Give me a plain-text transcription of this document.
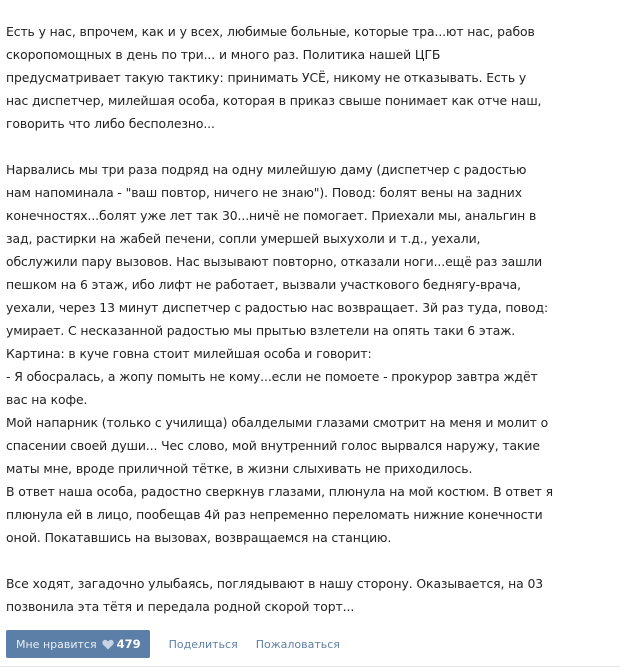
Есть у нас, впрочем, как и у всех, любимые больные, которые тра...ют нас, рабов
скоропомощных в день по три... и много раз. Политика нашей ЦГБ
предусматривает такую тактику: принимать УСЁ, никому не отказывать. Есть у
нас диспетчер, милейшая особа, которая в приказ свыше понимает как отче наш,
говорить что либо бесполезно...
Нарвались мы три раза подряд на одну милейшую даму (диспетчер с радостью
нам напоминала - "ваш повтор, ничего не знаю"). Повод: болят вены на задних
конечностях...болят уже лет так 30...ничё не помогает. Приехали мы, анальгин в
зад, растирки на жабей печени, сопли умершей выхухоли и т.д., уехали,
обслужили пару вызовов. Нас вызывают повторно, отказали ноги...ещё раз зашли
пешком на 6 этаж, ибо лифт не работает, вызвали участкового беднягу-врача,
уехали, через 13 минут диспетчер с радостью нас возвращает. 3й раз туда, повод:
умирает. С несказанной радостью мы прытью взлетели на опять таки 6 этаж.
Картина: в куче говна стоит милейшая особа и говорит:
- Я обосралась, а жопу помыть не кому...если не помоете - прокурор завтра ждёт
вас на кофе.
Мой напарник (только с училища) обалделыми глазами смотрит на меня и молит о
спасении своей души... Чес слово, мой внутренний голос вырвался наружу, такие
маты мне, вроде приличной тётке, в жизни слыхивать не приходилось.
В ответ наша особа, радостно сверкнув глазами, плюнула на мой костюм. В ответ я
плюнула ей в лицо, пообещав 4й раз непременно переломать нижние конечности
оной. Покатавшись на вызовах, возвращаемся на станцию.
Все ходят, загадочно улыбаясь, поглядывают в нашу сторону. Оказывается, на 03
позвонила эта тётя и передала родной скорой торт...
Мне нравится 479	Поделиться Пожаловаться
